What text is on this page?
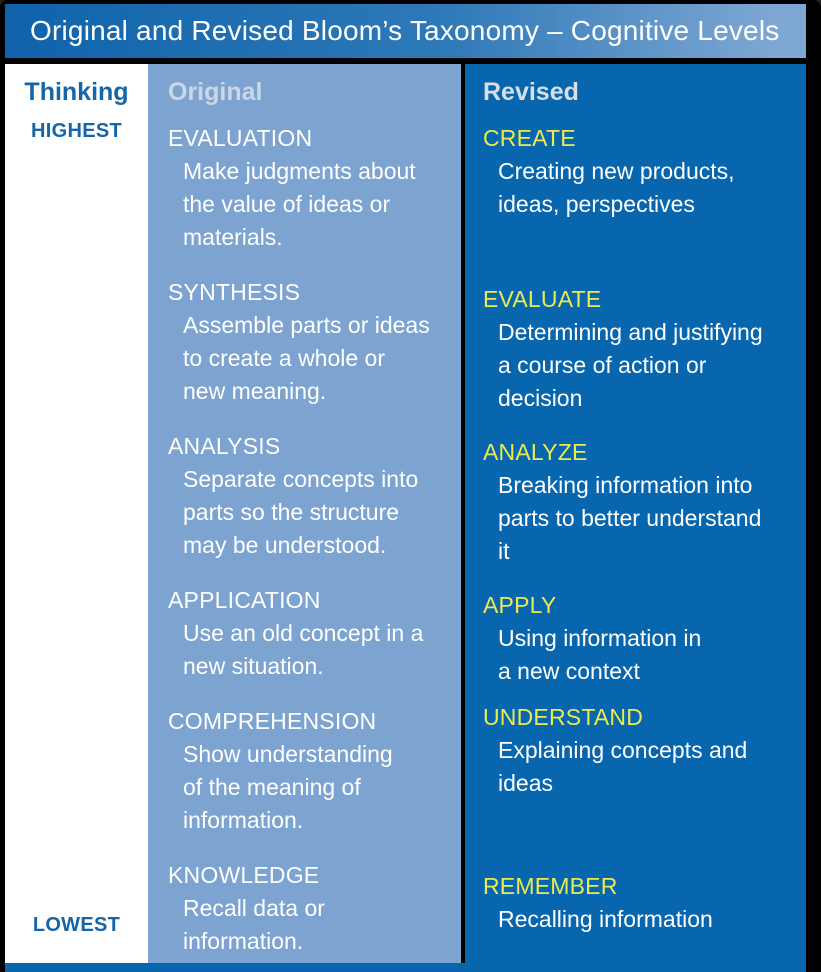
Original and Revised Bloom’s Taxonomy – Cognitive Levels
Thinking
HIGHEST
LOWEST
Original
EVALUATION
Make judgments about
the value of ideas or
materials.
SYNTHESIS
Assemble parts or ideas
to create a whole or
new meaning.
ANALYSIS
Separate concepts into
parts so the structure
may be understood.
APPLICATION
Use an old concept in a
new situation.
COMPREHENSION
Show understanding
of the meaning of
information.
KNOWLEDGE
Recall data or
information.
Revised
CREATE
Creating new products,
ideas, perspectives
EVALUATE
Determining and justifying
a course of action or
decision
ANALYZE
Breaking information into
parts to better understand
it
APPLY
Using information in
a new context
UNDERSTAND
Explaining concepts and
ideas
REMEMBER
Recalling information
